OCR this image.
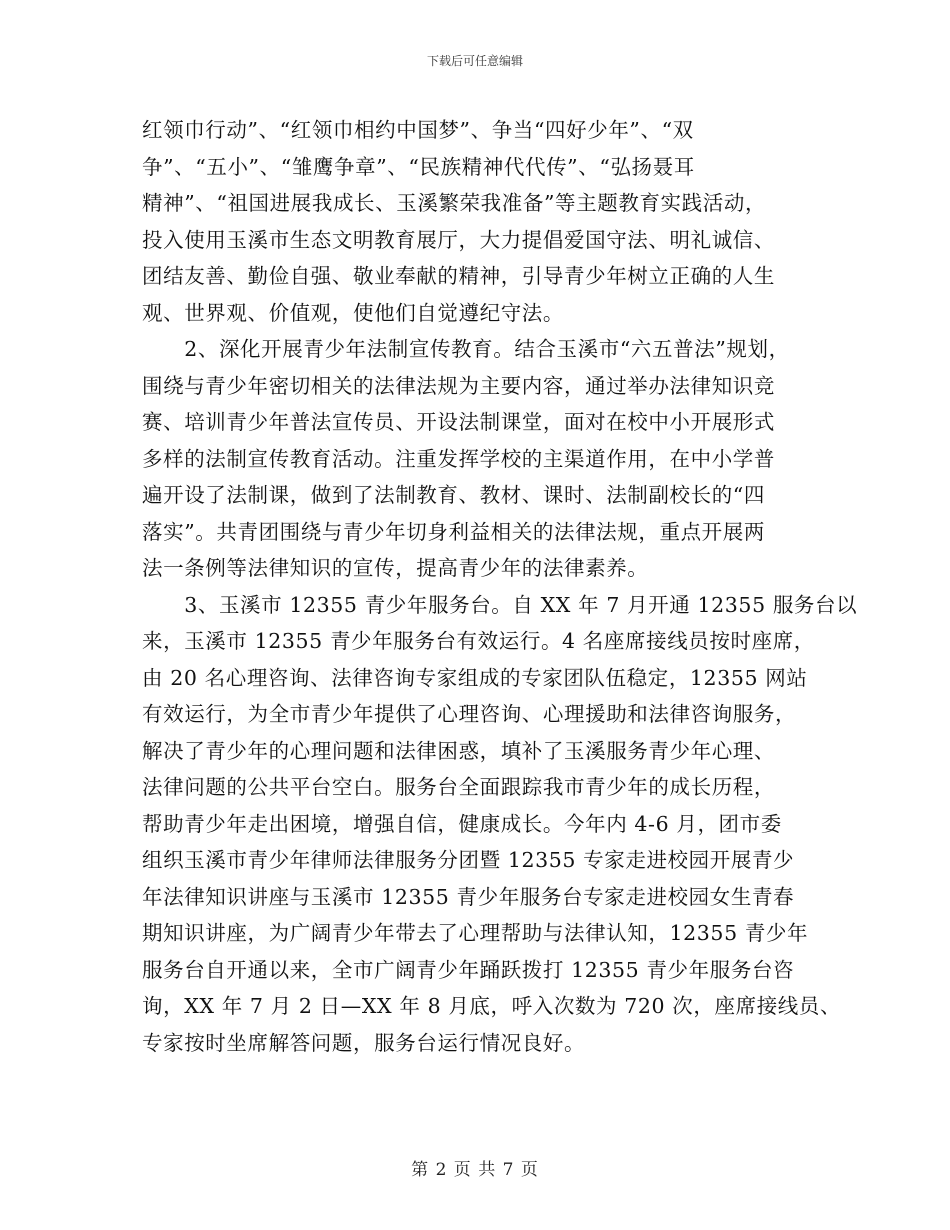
下载后可任意编辑
红领巾行动”、“红领巾相约中国梦”、争当“四好少年”、“双
争”、“五小”、“雏鹰争章”、“民族精神代代传”、“弘扬聂耳
精神”、“祖国进展我成长、玉溪繁荣我准备”等主题教育实践活动，
投入使用玉溪市生态文明教育展厅，大力提倡爱国守法、明礼诚信、
团结友善、勤俭自强、敬业奉献的精神，引导青少年树立正确的人生
观、世界观、价值观，使他们自觉遵纪守法。
　　2、深化开展青少年法制宣传教育。结合玉溪市“六五普法”规划，
围绕与青少年密切相关的法律法规为主要内容，通过举办法律知识竞
赛、培训青少年普法宣传员、开设法制课堂，面对在校中小开展形式
多样的法制宣传教育活动。注重发挥学校的主渠道作用，在中小学普
遍开设了法制课，做到了法制教育、教材、课时、法制副校长的“四
落实”。共青团围绕与青少年切身利益相关的法律法规，重点开展两
法一条例等法律知识的宣传，提高青少年的法律素养。
　　3、玉溪市 12355 青少年服务台。自 XX 年 7 月开通 12355 服务台以
来，玉溪市 12355 青少年服务台有效运行。4 名座席接线员按时座席，
由 20 名心理咨询、法律咨询专家组成的专家团队伍稳定，12355 网站
有效运行，为全市青少年提供了心理咨询、心理援助和法律咨询服务，
解决了青少年的心理问题和法律困惑，填补了玉溪服务青少年心理、
法律问题的公共平台空白。服务台全面跟踪我市青少年的成长历程，
帮助青少年走出困境，增强自信，健康成长。今年内 4-6 月，团市委
组织玉溪市青少年律师法律服务分团暨 12355 专家走进校园开展青少
年法律知识讲座与玉溪市 12355 青少年服务台专家走进校园女生青春
期知识讲座，为广阔青少年带去了心理帮助与法律认知，12355 青少年
服务台自开通以来，全市广阔青少年踊跃拨打 12355 青少年服务台咨
询，XX 年 7 月 2 日—XX 年 8 月底，呼入次数为 720 次，座席接线员、
专家按时坐席解答问题，服务台运行情况良好。
第 2 页 共 7 页
